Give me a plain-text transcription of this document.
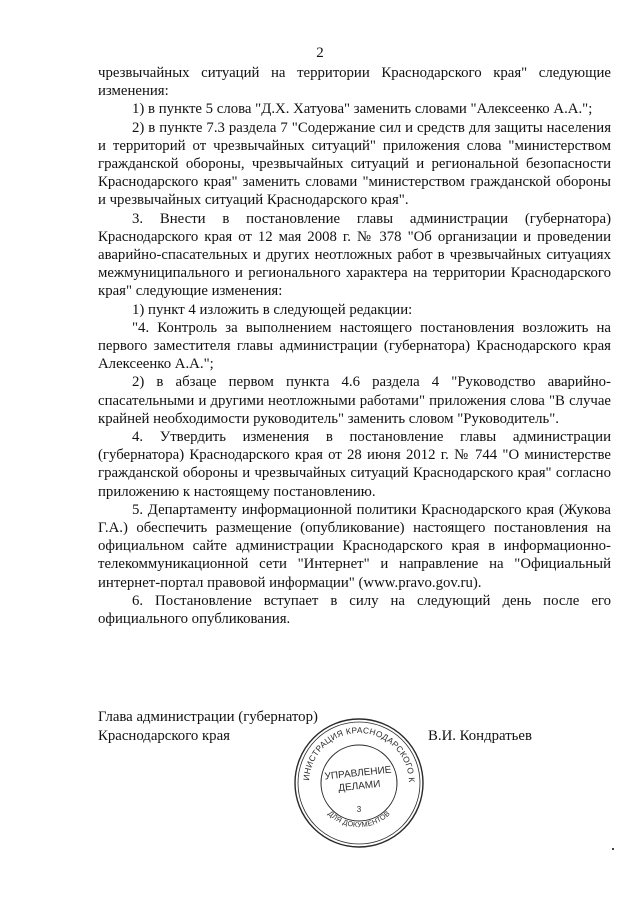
2

чрезвычайных ситуаций на территории Краснодарского края" следующие изменения:

1) в пункте 5 слова "Д.Х. Хатуова" заменить словами "Алексеенко А.А.";

2) в пункте 7.3 раздела 7 "Содержание сил и средств для защиты населения и территорий от чрезвычайных ситуаций" приложения слова "министерством гражданской обороны, чрезвычайных ситуаций и региональной безопасности Краснодарского края" заменить словами "министерством гражданской обороны и чрезвычайных ситуаций Краснодарского края".

3. Внести в постановление главы администрации (губернатора) Краснодарского края от 12 мая 2008 г. № 378 "Об организации и проведении аварийно-спасательных и других неотложных работ в чрезвычайных ситуациях межмуниципального и регионального характера на территории Краснодарского края" следующие изменения:

1) пункт 4 изложить в следующей редакции:

"4. Контроль за выполнением настоящего постановления возложить на первого заместителя главы администрации (губернатора) Краснодарского края Алексеенко А.А.";

2) в абзаце первом пункта 4.6 раздела 4 "Руководство аварийно-спасательными и другими неотложными работами" приложения слова "В случае крайней необходимости руководитель" заменить словом "Руководитель".

4. Утвердить изменения в постановление главы администрации (губернатора) Краснодарского края от 28 июня 2012 г. № 744 "О министерстве гражданской обороны и чрезвычайных ситуаций Краснодарского края" согласно приложению к настоящему постановлению.

5. Департаменту информационной политики Краснодарского края (Жукова Г.А.) обеспечить размещение (опубликование) настоящего постановления на официальном сайте администрации Краснодарского края в информационно-телекоммуникационной сети "Интернет" и направление на "Официальный интернет-портал правовой информации" (www.pravo.gov.ru).

6. Постановление вступает в силу на следующий день после его официального опубликования.

Глава администрации (губернатор)
Краснодарского края	В.И. Кондратьев
ИНИСТРАЦИЯ КРАСНОДАРСКОГО К
ДЛЯ ДОКУМЕНТОВ
УПРАВЛЕНИЕ
ДЕЛАМИ
3
